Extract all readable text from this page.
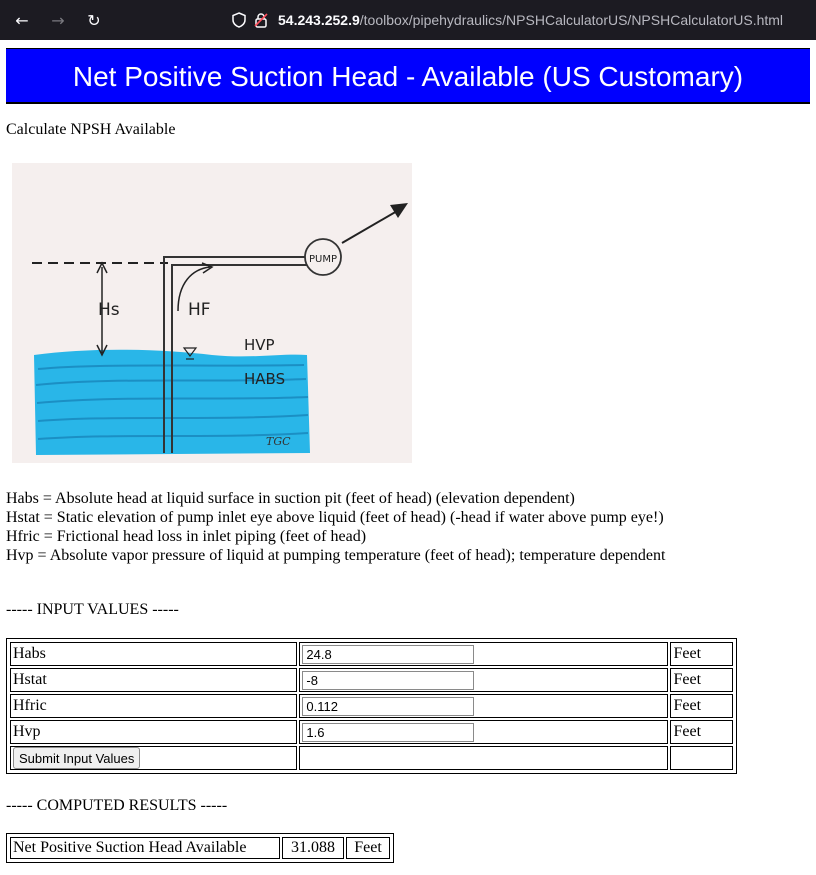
←	→	↻	54.243.252.9/toolbox/pipehydraulics/NPSHCalculatorUS/NPSHCalculatorUS.html
Net Positive Suction Head - Available (US Customary)
Calculate NPSH Available
PUMP
Hs	HF
HVP
HABS
TGC
Habs = Absolute head at liquid surface in suction pit (feet of head) (elevation dependent)
Hstat = Static elevation of pump inlet eye above liquid (feet of head) (-head if water above pump eye!)
Hfric = Frictional head loss in inlet piping (feet of head)
Hvp = Absolute vapor pressure of liquid at pumping temperature (feet of head); temperature dependent
----- INPUT VALUES -----
Habs	24.8	Feet
Hstat	-8	Feet
Hfric	0.112	Feet
Hvp	1.6	Feet
Submit Input Values		
----- COMPUTED RESULTS -----
Net Positive Suction Head Available	31.088	Feet
